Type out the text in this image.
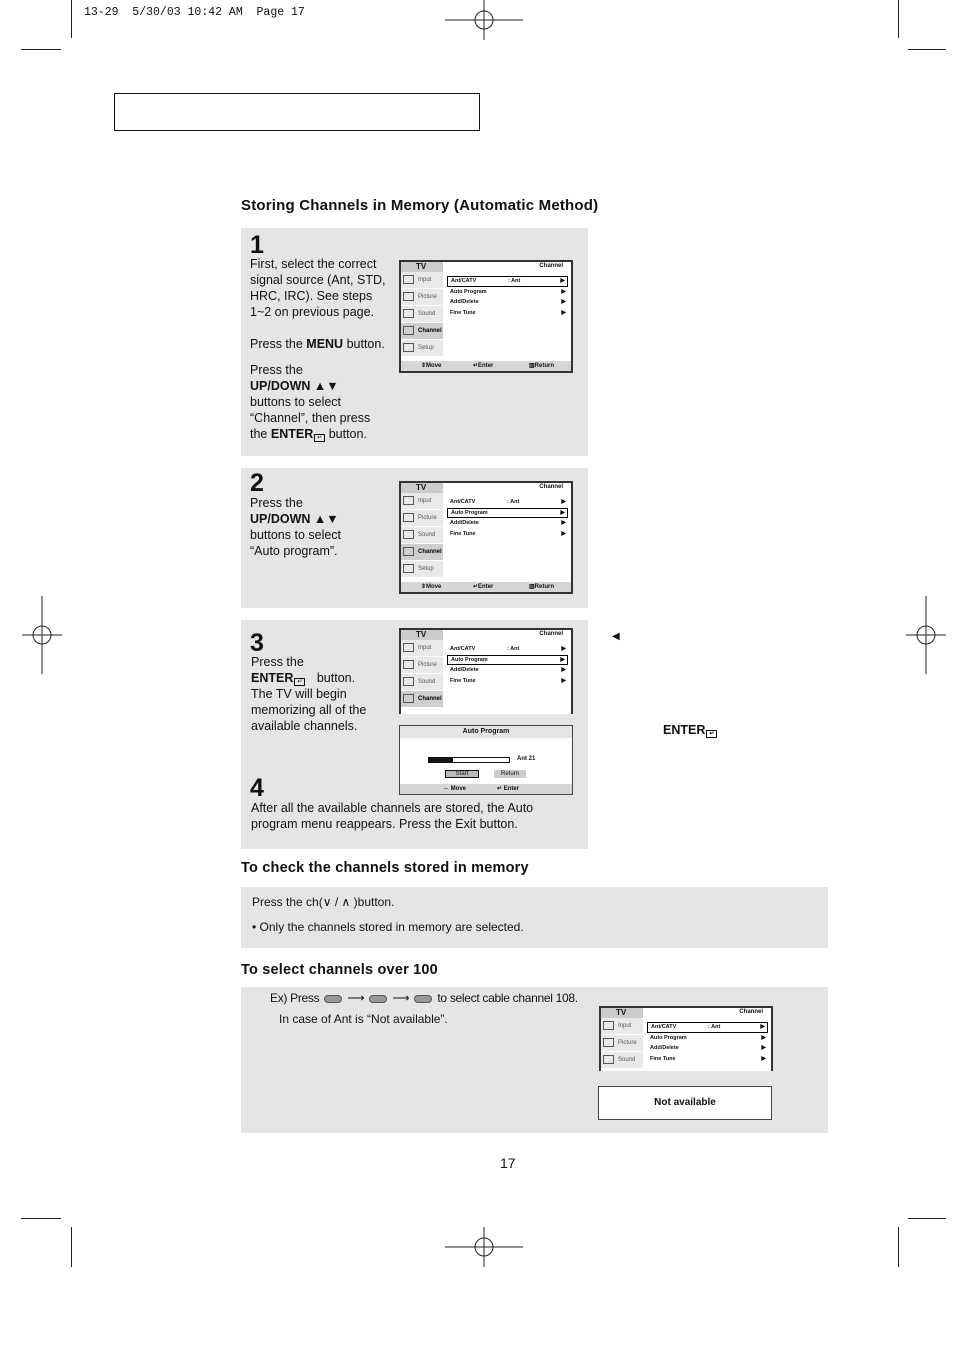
13-29  5/30/03 10:42 AM  Page 17
Storing Channels in Memory (Automatic Method)
1
First, select the correct
signal source (Ant, STD,
HRC, IRC). See steps
1~2 on previous page.
Press the MENU button.
Press the
UP/DOWN ▲▼
buttons to select
“Channel”, then press
the ENTER ↵ button.
TV	Channel
Input
Picture
Sound
Channel
Setup
Ant/CATV	: Ant	▶
Auto Program	▶
Add/Delete	▶
Fine Tune	▶
⇕ Move	↵ Enter	▥ Return
2
Press the
UP/DOWN ▲▼
buttons to select
“Auto program”.
TV	Channel
Input
Picture
Sound
Channel
Setup
Ant/CATV	: Ant	▶
Auto Program	▶
Add/Delete	▶
Fine Tune	▶
⇕ Move	↵ Enter	▥ Return
3
Press the
ENTER ↵ button.
The TV will begin
memorizing all of the
available channels.
TV	Channel
Input
Picture
Sound
Channel
Ant/CATV	: Ant	▶
Auto Program	▶
Add/Delete	▶
Fine Tune	▶
Auto Program
Ant 21
Start	Return
⇔ Move	↵ Enter
4
After all the available channels are stored, the Auto
program menu reappears. Press the Exit button.
◀
ENTER ↵
To check the channels stored in memory
Press the ch(∨ / ∧ )button.
• Only the channels stored in memory are selected.
To select channels over 100
Ex) Press  ⟶  ⟶  to select cable channel 108.
In case of Ant is “Not available”.	TV	Channel
Input
Picture
Sound
Ant/CATV	: Ant	▶
Auto Program	▶
Add/Delete	▶
Fine Tune	▶
Not available
17
